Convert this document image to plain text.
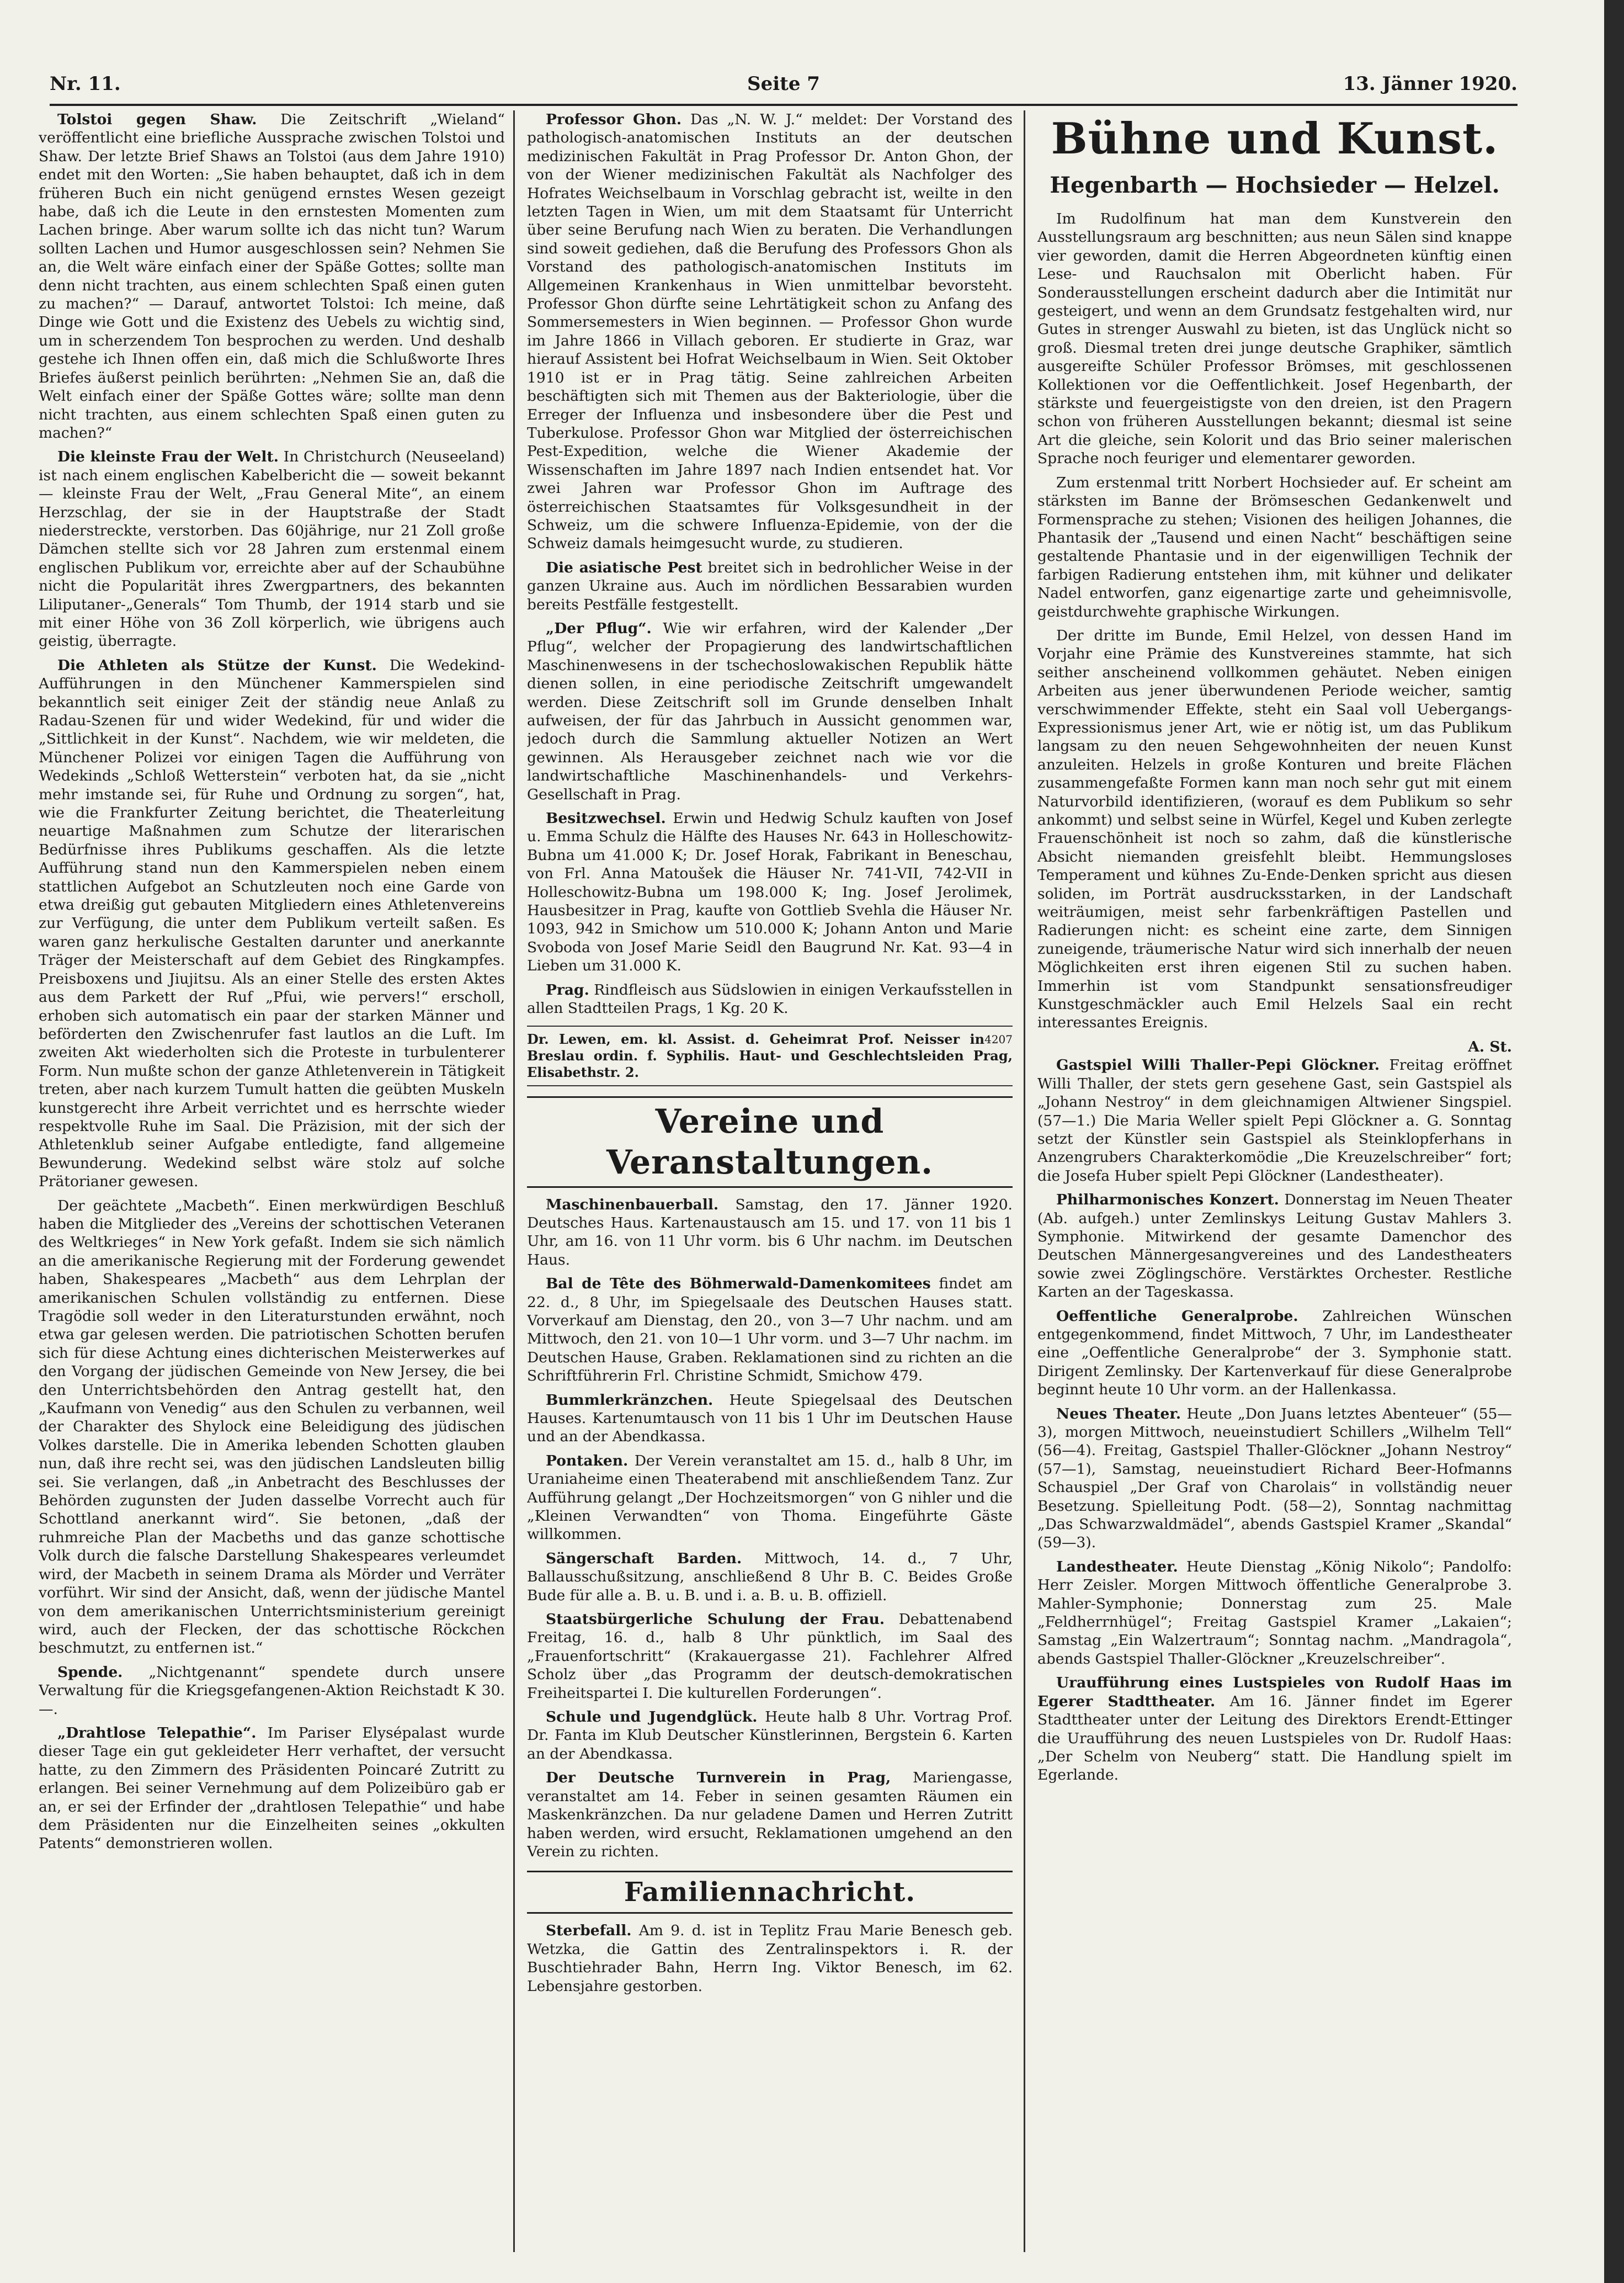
Nr. 11.	Seite 7	13. Jänner 1920.

Tolstoi gegen Shaw. Die Zeitschrift „Wieland“ veröffentlicht eine briefliche Aussprache zwischen Tolstoi und Shaw. Der letzte Brief Shaws an Tolstoi (aus dem Jahre 1910) endet mit den Worten: „Sie haben behauptet, daß ich in dem früheren Buch ein nicht genügend ernstes Wesen gezeigt habe, daß ich die Leute in den ernstesten Momenten zum Lachen bringe. Aber warum sollte ich das nicht tun? Warum sollten Lachen und Humor ausgeschlossen sein? Nehmen Sie an, die Welt wäre einfach einer der Späße Gottes; sollte man denn nicht trachten, aus einem schlechten Spaß einen guten zu machen?“ — Darauf, antwortet Tolstoi: Ich meine, daß Dinge wie Gott und die Existenz des Uebels zu wichtig sind, um in scherzendem Ton besprochen zu werden. Und deshalb gestehe ich Ihnen offen ein, daß mich die Schlußworte Ihres Briefes äußerst peinlich berührten: „Nehmen Sie an, daß die Welt einfach einer der Späße Gottes wäre; sollte man denn nicht trachten, aus einem schlechten Spaß einen guten zu machen?“

Die kleinste Frau der Welt. In Christchurch (Neuseeland) ist nach einem englischen Kabelbericht die — soweit bekannt — kleinste Frau der Welt, „Frau General Mite“, an einem Herzschlag, der sie in der Hauptstraße der Stadt niederstreckte, verstorben. Das 60jährige, nur 21 Zoll große Dämchen stellte sich vor 28 Jahren zum erstenmal einem englischen Publikum vor, erreichte aber auf der Schaubühne nicht die Popularität ihres Zwergpartners, des bekannten Liliputaner-„Generals“ Tom Thumb, der 1914 starb und sie mit einer Höhe von 36 Zoll körperlich, wie übrigens auch geistig, überragte.

Die Athleten als Stütze der Kunst. Die Wedekind-Aufführungen in den Münchener Kammerspielen sind bekanntlich seit einiger Zeit der ständig neue Anlaß zu Radau-Szenen für und wider Wedekind, für und wider die „Sittlichkeit in der Kunst“. Nachdem, wie wir meldeten, die Münchener Polizei vor einigen Tagen die Aufführung von Wedekinds „Schloß Wetterstein“ verboten hat, da sie „nicht mehr imstande sei, für Ruhe und Ordnung zu sorgen“, hat, wie die Frankfurter Zeitung berichtet, die Theaterleitung neuartige Maßnahmen zum Schutze der literarischen Bedürfnisse ihres Publikums geschaffen. Als die letzte Aufführung stand nun den Kammerspielen neben einem stattlichen Aufgebot an Schutzleuten noch eine Garde von etwa dreißig gut gebauten Mitgliedern eines Athletenvereins zur Verfügung, die unter dem Publikum verteilt saßen. Es waren ganz herkulische Gestalten darunter und anerkannte Träger der Meisterschaft auf dem Gebiet des Ringkampfes. Preisboxens und Jiujitsu. Als an einer Stelle des ersten Aktes aus dem Parkett der Ruf „Pfui, wie pervers!“ erscholl, erhoben sich automatisch ein paar der starken Männer und beförderten den Zwischenrufer fast lautlos an die Luft. Im zweiten Akt wiederholten sich die Proteste in turbulenterer Form. Nun mußte schon der ganze Athletenverein in Tätigkeit treten, aber nach kurzem Tumult hatten die geübten Muskeln kunstgerecht ihre Arbeit verrichtet und es herrschte wieder respektvolle Ruhe im Saal. Die Präzision, mit der sich der Athletenklub seiner Aufgabe entledigte, fand allgemeine Bewunderung. Wedekind selbst wäre stolz auf solche Prätorianer gewesen.

Der geächtete „Macbeth“. Einen merkwürdigen Beschluß haben die Mitglieder des „Vereins der schottischen Veteranen des Weltkrieges“ in New York gefaßt. Indem sie sich nämlich an die amerikanische Regierung mit der Forderung gewendet haben, Shakespeares „Macbeth“ aus dem Lehrplan der amerikanischen Schulen vollständig zu entfernen. Diese Tragödie soll weder in den Literaturstunden erwähnt, noch etwa gar gelesen werden. Die patriotischen Schotten berufen sich für diese Achtung eines dichterischen Meisterwerkes auf den Vorgang der jüdischen Gemeinde von New Jersey, die bei den Unterrichtsbehörden den Antrag gestellt hat, den „Kaufmann von Venedig“ aus den Schulen zu verbannen, weil der Charakter des Shylock eine Beleidigung des jüdischen Volkes darstelle. Die in Amerika lebenden Schotten glauben nun, daß ihre recht sei, was den jüdischen Landsleuten billig sei. Sie verlangen, daß „in Anbetracht des Beschlusses der Behörden zugunsten der Juden dasselbe Vorrecht auch für Schottland anerkannt wird“. Sie betonen, „daß der ruhmreiche Plan der Macbeths und das ganze schottische Volk durch die falsche Darstellung Shakespeares verleumdet wird, der Macbeth in seinem Drama als Mörder und Verräter vorführt. Wir sind der Ansicht, daß, wenn der jüdische Mantel von dem amerikanischen Unterrichtsministerium gereinigt wird, auch der Flecken, der das schottische Röckchen beschmutzt, zu entfernen ist.“

Spende. „Nichtgenannt“ spendete durch unsere Verwaltung für die Kriegsgefangenen-Aktion Reichstadt K 30.—.

„Drahtlose Telepathie“. Im Pariser Elysépalast wurde dieser Tage ein gut gekleideter Herr verhaftet, der versucht hatte, zu den Zimmern des Präsidenten Poincaré Zutritt zu erlangen. Bei seiner Vernehmung auf dem Polizeibüro gab er an, er sei der Erfinder der „drahtlosen Telepathie“ und habe dem Präsidenten nur die Einzelheiten seines „okkulten Patents“ demonstrieren wollen.

Professor Ghon. Das „N. W. J.“ meldet: Der Vorstand des pathologisch-anatomischen Instituts an der deutschen medizinischen Fakultät in Prag Professor Dr. Anton Ghon, der von der Wiener medizinischen Fakultät als Nachfolger des Hofrates Weichselbaum in Vorschlag gebracht ist, weilte in den letzten Tagen in Wien, um mit dem Staatsamt für Unterricht über seine Berufung nach Wien zu beraten. Die Verhandlungen sind soweit gediehen, daß die Berufung des Professors Ghon als Vorstand des pathologisch-anatomischen Instituts im Allgemeinen Krankenhaus in Wien unmittelbar bevorsteht. Professor Ghon dürfte seine Lehrtätigkeit schon zu Anfang des Sommersemesters in Wien beginnen. — Professor Ghon wurde im Jahre 1866 in Villach geboren. Er studierte in Graz, war hierauf Assistent bei Hofrat Weichselbaum in Wien. Seit Oktober 1910 ist er in Prag tätig. Seine zahlreichen Arbeiten beschäftigten sich mit Themen aus der Bakteriologie, über die Erreger der Influenza und insbesondere über die Pest und Tuberkulose. Professor Ghon war Mitglied der österreichischen Pest-Expedition, welche die Wiener Akademie der Wissenschaften im Jahre 1897 nach Indien entsendet hat. Vor zwei Jahren war Professor Ghon im Auftrage des österreichischen Staatsamtes für Volksgesundheit in der Schweiz, um die schwere Influenza-Epidemie, von der die Schweiz damals heimgesucht wurde, zu studieren.

Die asiatische Pest breitet sich in bedrohlicher Weise in der ganzen Ukraine aus. Auch im nördlichen Bessarabien wurden bereits Pestfälle festgestellt.

„Der Pflug“. Wie wir erfahren, wird der Kalender „Der Pflug“, welcher der Propagierung des landwirtschaftlichen Maschinenwesens in der tschechoslowakischen Republik hätte dienen sollen, in eine periodische Zeitschrift umgewandelt werden. Diese Zeitschrift soll im Grunde denselben Inhalt aufweisen, der für das Jahrbuch in Aussicht genommen war, jedoch durch die Sammlung aktueller Notizen an Wert gewinnen. Als Herausgeber zeichnet nach wie vor die landwirtschaftliche Maschinenhandels- und Verkehrs-Gesellschaft in Prag.

Besitzwechsel. Erwin und Hedwig Schulz kauften von Josef u. Emma Schulz die Hälfte des Hauses Nr. 643 in Holleschowitz-Bubna um 41.000 K; Dr. Josef Horak, Fabrikant in Beneschau, von Frl. Anna Matoušek die Häuser Nr. 741-VII, 742-VII in Holleschowitz-Bubna um 198.000 K; Ing. Josef Jerolimek, Hausbesitzer in Prag, kaufte von Gottlieb Svehla die Häuser Nr. 1093, 942 in Smichow um 510.000 K; Johann Anton und Marie Svoboda von Josef Marie Seidl den Baugrund Nr. Kat. 93—4 in Lieben um 31.000 K.

Prag. Rindfleisch aus Südslowien in einigen Verkaufsstellen in allen Stadtteilen Prags, 1 Kg. 20 K.

4207
Dr. Lewen, em. kl. Assist. d. Geheimrat Prof. Neisser in Breslau ordin. f. Syphilis. Haut- und Geschlechtsleiden Prag, Elisabethstr. 2.
Vereine und Veranstaltungen.

Maschinenbauerball. Samstag, den 17. Jänner 1920. Deutsches Haus. Kartenaustausch am 15. und 17. von 11 bis 1 Uhr, am 16. von 11 Uhr vorm. bis 6 Uhr nachm. im Deutschen Haus.

Bal de Tête des Böhmerwald-Damenkomitees findet am 22. d., 8 Uhr, im Spiegelsaale des Deutschen Hauses statt. Vorverkauf am Dienstag, den 20., von 3—7 Uhr nachm. und am Mittwoch, den 21. von 10—1 Uhr vorm. und 3—7 Uhr nachm. im Deutschen Hause, Graben. Reklamationen sind zu richten an die Schriftführerin Frl. Christine Schmidt, Smichow 479.

Bummlerkränzchen. Heute Spiegelsaal des Deutschen Hauses. Kartenumtausch von 11 bis 1 Uhr im Deutschen Hause und an der Abendkassa.

Pontaken. Der Verein veranstaltet am 15. d., halb 8 Uhr, im Uraniaheime einen Theaterabend mit anschließendem Tanz. Zur Aufführung gelangt „Der Hochzeitsmorgen“ von G nihler und die „Kleinen Verwandten“ von Thoma. Eingeführte Gäste willkommen.

Sängerschaft Barden. Mittwoch, 14. d., 7 Uhr, Ballausschußsitzung, anschließend 8 Uhr B. C. Beides Große Bude für alle a. B. u. B. und i. a. B. u. B. offiziell.

Staatsbürgerliche Schulung der Frau. Debattenabend Freitag, 16. d., halb 8 Uhr pünktlich, im Saal des „Frauenfortschritt“ (Krakauergasse 21). Fachlehrer Alfred Scholz über „das Programm der deutsch-demokratischen Freiheitspartei I. Die kulturellen Forderungen“.

Schule und Jugendglück. Heute halb 8 Uhr. Vortrag Prof. Dr. Fanta im Klub Deutscher Künstlerinnen, Bergstein 6. Karten an der Abendkassa.

Der Deutsche Turnverein in Prag, Mariengasse, veranstaltet am 14. Feber in seinen gesamten Räumen ein Maskenkränzchen. Da nur geladene Damen und Herren Zutritt haben werden, wird ersucht, Reklamationen umgehend an den Verein zu richten.

Familiennachricht.

Sterbefall. Am 9. d. ist in Teplitz Frau Marie Benesch geb. Wetzka, die Gattin des Zentralinspektors i. R. der Buschtiehrader Bahn, Herrn Ing. Viktor Benesch, im 62. Lebensjahre gestorben.

Bühne und Kunst.
Hegenbarth — Hochsieder — Helzel.

Im Rudolfinum hat man dem Kunstverein den Ausstellungsraum arg beschnitten; aus neun Sälen sind knappe vier geworden, damit die Herren Abgeordneten künftig einen Lese- und Rauchsalon mit Oberlicht haben. Für Sonderausstellungen erscheint dadurch aber die Intimität nur gesteigert, und wenn an dem Grundsatz festgehalten wird, nur Gutes in strenger Auswahl zu bieten, ist das Unglück nicht so groß. Diesmal treten drei junge deutsche Graphiker, sämtlich ausgereifte Schüler Professor Brömses, mit geschlossenen Kollektionen vor die Oeffentlichkeit. Josef Hegenbarth, der stärkste und feuergeistigste von den dreien, ist den Pragern schon von früheren Ausstellungen bekannt; diesmal ist seine Art die gleiche, sein Kolorit und das Brio seiner malerischen Sprache noch feuriger und elementarer geworden.

Zum erstenmal tritt Norbert Hochsieder auf. Er scheint am stärksten im Banne der Brömseschen Gedankenwelt und Formensprache zu stehen; Visionen des heiligen Johannes, die Phantasik der „Tausend und einen Nacht“ beschäftigen seine gestaltende Phantasie und in der eigenwilligen Technik der farbigen Radierung entstehen ihm, mit kühner und delikater Nadel entworfen, ganz eigenartige zarte und geheimnisvolle, geistdurchwehte graphische Wirkungen.

Der dritte im Bunde, Emil Helzel, von dessen Hand im Vorjahr eine Prämie des Kunstvereines stammte, hat sich seither anscheinend vollkommen gehäutet. Neben einigen Arbeiten aus jener überwundenen Periode weicher, samtig verschwimmender Effekte, steht ein Saal voll Uebergangs-Expressionismus jener Art, wie er nötig ist, um das Publikum langsam zu den neuen Sehgewohnheiten der neuen Kunst anzuleiten. Helzels in große Konturen und breite Flächen zusammengefaßte Formen kann man noch sehr gut mit einem Naturvorbild identifizieren, (worauf es dem Publikum so sehr ankommt) und selbst seine in Würfel, Kegel und Kuben zerlegte Frauenschönheit ist noch so zahm, daß die künstlerische Absicht niemanden greisfehlt bleibt. Hemmungsloses Temperament und kühnes Zu-Ende-Denken spricht aus diesen soliden, im Porträt ausdrucksstarken, in der Landschaft weiträumigen, meist sehr farbenkräftigen Pastellen und Radierungen nicht: es scheint eine zarte, dem Sinnigen zuneigende, träumerische Natur wird sich innerhalb der neuen Möglichkeiten erst ihren eigenen Stil zu suchen haben. Immerhin ist vom Standpunkt sensationsfreudiger Kunstgeschmäckler auch Emil Helzels Saal ein recht interessantes Ereignis.

A. St.

Gastspiel Willi Thaller-Pepi Glöckner. Freitag eröffnet Willi Thaller, der stets gern gesehene Gast, sein Gastspiel als „Johann Nestroy“ in dem gleichnamigen Altwiener Singspiel. (57—1.) Die Maria Weller spielt Pepi Glöckner a. G. Sonntag setzt der Künstler sein Gastspiel als Steinklopferhans in Anzengrubers Charakterkomödie „Die Kreuzelschreiber“ fort; die Josefa Huber spielt Pepi Glöckner (Landestheater).

Philharmonisches Konzert. Donnerstag im Neuen Theater (Ab. aufgeh.) unter Zemlinskys Leitung Gustav Mahlers 3. Symphonie. Mitwirkend der gesamte Damenchor des Deutschen Männergesangvereines und des Landestheaters sowie zwei Zöglingschöre. Verstärktes Orchester. Restliche Karten an der Tageskassa.

Oeffentliche Generalprobe. Zahlreichen Wünschen entgegenkommend, findet Mittwoch, 7 Uhr, im Landestheater eine „Oeffentliche Generalprobe“ der 3. Symphonie statt. Dirigent Zemlinsky. Der Kartenverkauf für diese Generalprobe beginnt heute 10 Uhr vorm. an der Hallenkassa.

Neues Theater. Heute „Don Juans letztes Abenteuer“ (55—3), morgen Mittwoch, neueinstudiert Schillers „Wilhelm Tell“ (56—4). Freitag, Gastspiel Thaller-Glöckner „Johann Nestroy“ (57—1), Samstag, neueinstudiert Richard Beer-Hofmanns Schauspiel „Der Graf von Charolais“ in vollständig neuer Besetzung. Spielleitung Podt. (58—2), Sonntag nachmittag „Das Schwarzwaldmädel“, abends Gastspiel Kramer „Skandal“ (59—3).

Landestheater. Heute Dienstag „König Nikolo“; Pandolfo: Herr Zeisler. Morgen Mittwoch öffentliche Generalprobe 3. Mahler-Symphonie; Donnerstag zum 25. Male „Feldherrnhügel“; Freitag Gastspiel Kramer „Lakaien“; Samstag „Ein Walzertraum“; Sonntag nachm. „Mandragola“, abends Gastspiel Thaller-Glöckner „Kreuzelschreiber“.

Uraufführung eines Lustspieles von Rudolf Haas im Egerer Stadttheater. Am 16. Jänner findet im Egerer Stadttheater unter der Leitung des Direktors Erendt-Ettinger die Uraufführung des neuen Lustspieles von Dr. Rudolf Haas: „Der Schelm von Neuberg“ statt. Die Handlung spielt im Egerlande.
